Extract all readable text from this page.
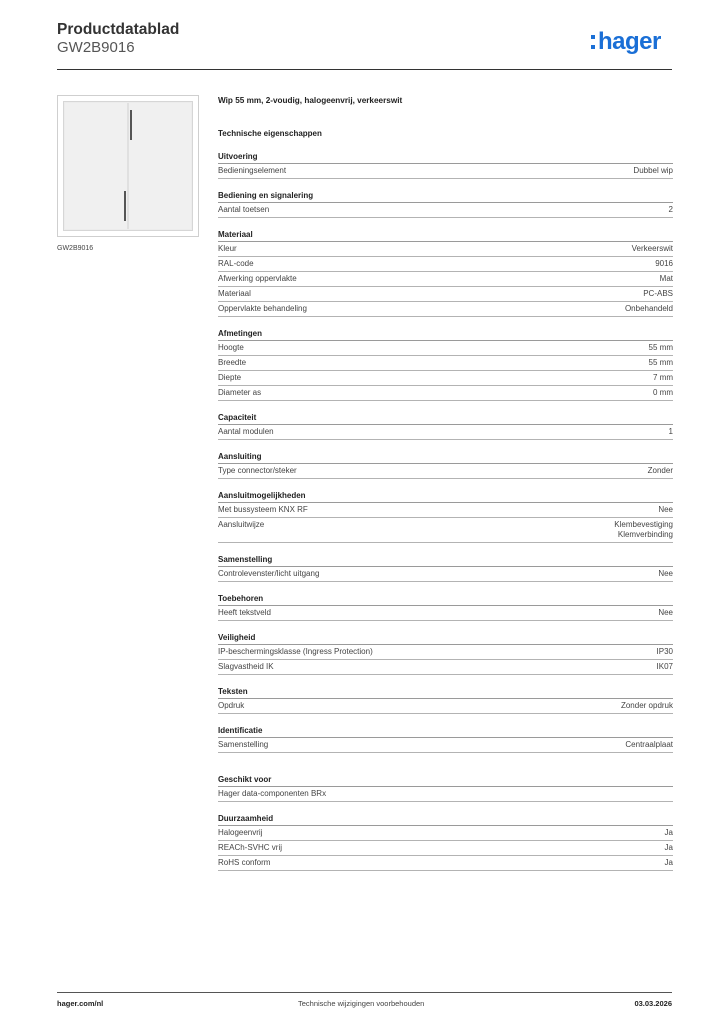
Productdatablad
GW2B9016	hager
GW2B9016
Wip 55 mm, 2-voudig, halogeenvrij, verkeerswit
Technische eigenschappen
Uitvoering
Bedieningselement	Dubbel wip
Bediening en signalering
Aantal toetsen	2
Materiaal
Kleur	Verkeerswit
RAL-code	9016
Afwerking oppervlakte	Mat
Materiaal	PC-ABS
Oppervlakte behandeling	Onbehandeld
Afmetingen
Hoogte	55 mm
Breedte	55 mm
Diepte	7 mm
Diameter as	0 mm
Capaciteit
Aantal modulen	1
Aansluiting
Type connector/steker	Zonder
Aansluitmogelijkheden
Met bussysteem KNX RF	Nee
Aansluitwijze	Klembevestiging
Klemverbinding
Samenstelling
Controlevenster/licht uitgang	Nee
Toebehoren
Heeft tekstveld	Nee
Veiligheid
IP-beschermingsklasse (Ingress Protection)	IP30
Slagvastheid IK	IK07
Teksten
Opdruk	Zonder opdruk
Identificatie
Samenstelling	Centraalplaat
Geschikt voor
Hager data-componenten BRx
Duurzaamheid
Halogeenvrij	Ja
REACh-SVHC vrij	Ja
RoHS conform	Ja
hager.com/nl	Technische wijzigingen voorbehouden	03.03.2026
